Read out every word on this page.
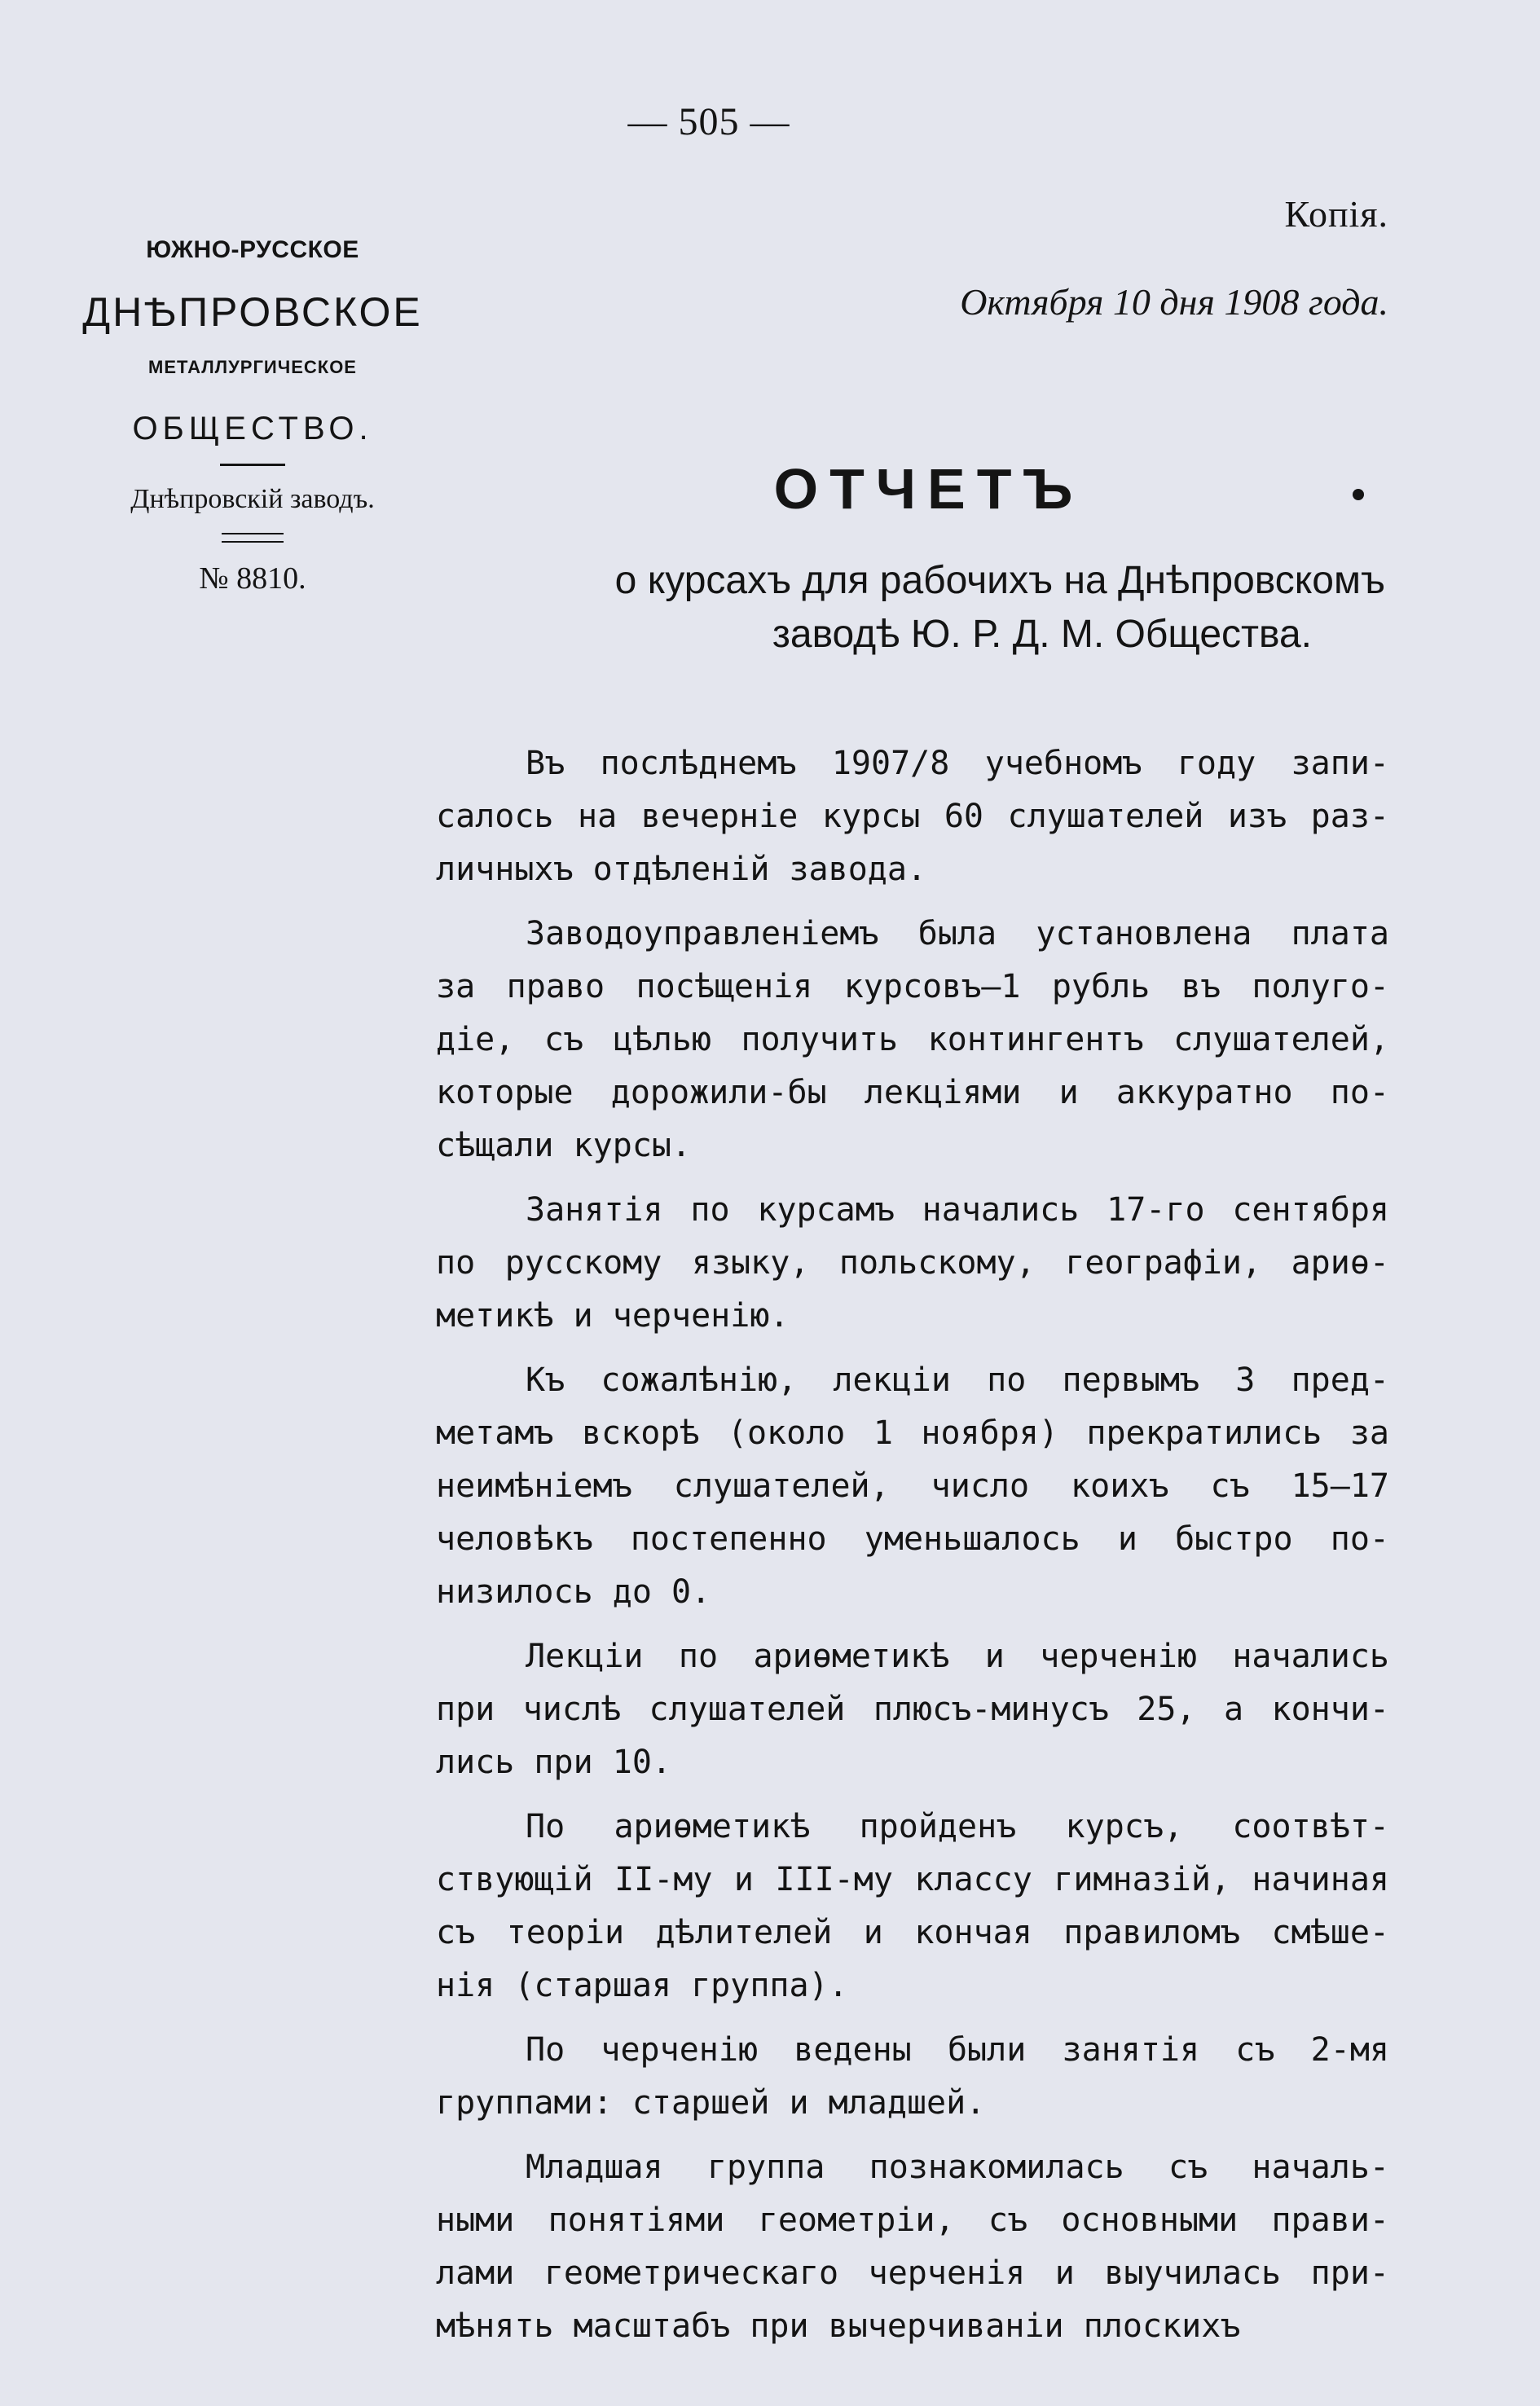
— 505 —
Копія.
Октября 10 дня 1908 года.
ЮЖНО-РУССКОЕ
ДНѢПРОВСКОЕ
МЕТАЛЛУРГИЧЕСКОЕ
ОБЩЕСТВО.
Днѣпровскій заводъ.
№ 8810.
ОТЧЕТЪ
о курсахъ для рабочихъ на Днѣпровскомъ
заводѣ Ю. Р. Д. М. Общества.
Въ послѣднемъ 1907/8 учебномъ году запи-
салось на вечерніе курсы 60 слушателей изъ раз-
личныхъ отдѣленій завода.
Заводоуправленіемъ была установлена плата
за право посѣщенія курсовъ—1 рубль въ полуго-
діе, съ цѣлью получить контингентъ слушателей,
которые дорожили-бы лекціями и аккуратно по-
сѣщали курсы.
Занятія по курсамъ начались 17-го сентября
по русскому языку, польскому, географіи, ариѳ-
метикѣ и черченію.
Къ сожалѣнію, лекціи по первымъ 3 пред-
метамъ вскорѣ (около 1 ноября) прекратились за
неимѣніемъ слушателей, число коихъ съ 15—17
человѣкъ постепенно уменьшалось и быстро по-
низилось до 0.
Лекціи по ариѳметикѣ и черченію начались
при числѣ слушателей плюсъ-минусъ 25, а кончи-
лись при 10.
По ариѳметикѣ пройденъ курсъ, соотвѣт-
ствующій II-му и III-му классу гимназій, начиная
съ теоріи дѣлителей и кончая правиломъ смѣше-
нія (старшая группа).
По черченію ведены были занятія съ 2-мя
группами: старшей и младшей.
Младшая группа познакомилась съ началь-
ными понятіями геометріи, съ основными прави-
лами геометрическаго черченія и выучилась при-
мѣнять масштабъ при вычерчиваніи плоскихъ
